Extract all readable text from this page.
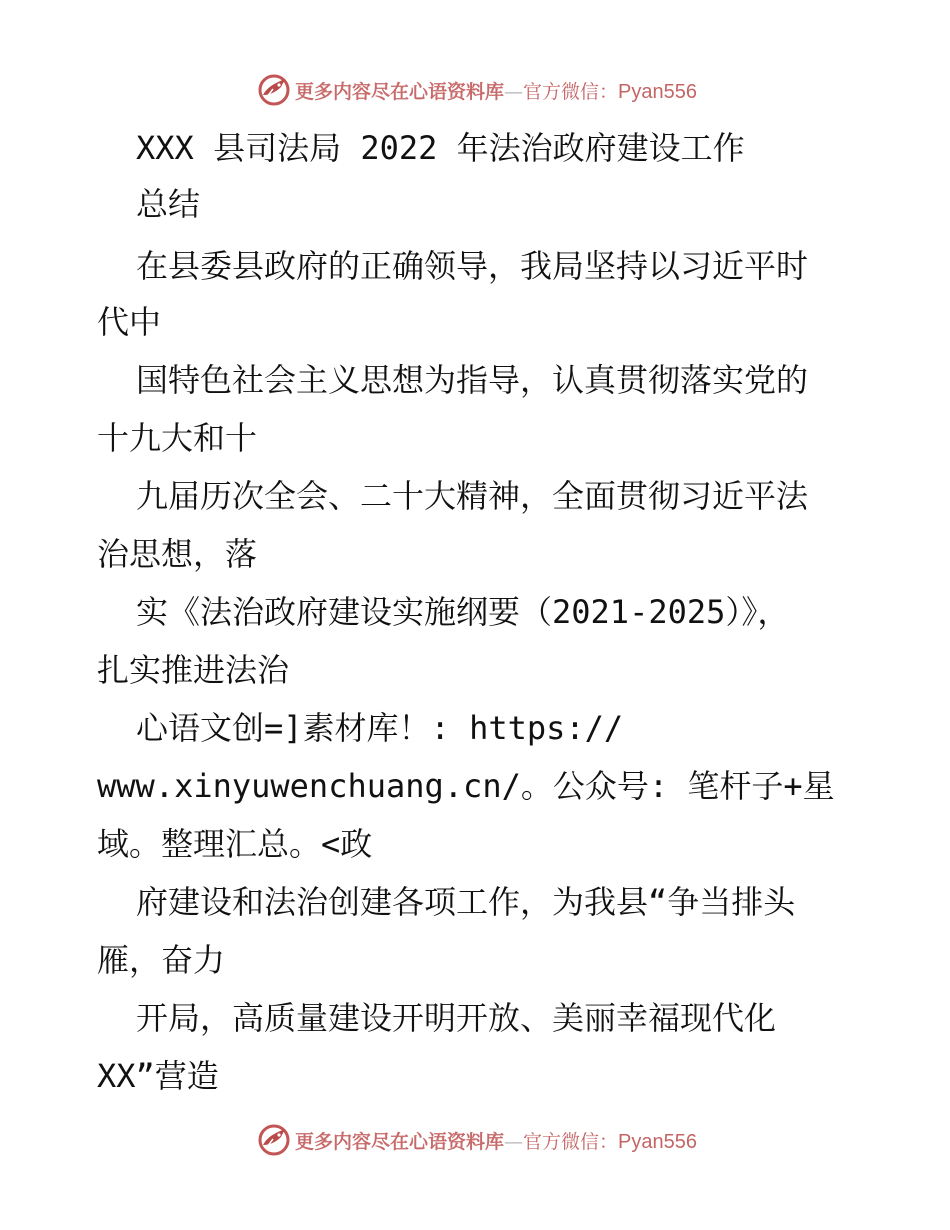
更多内容尽在心语资料库—官方微信：Pyan556
XXX 县司法局 2022 年法治政府建设工作
总结
在县委县政府的正确领导，我局坚持以习近平时
代中
国特色社会主义思想为指导，认真贯彻落实党的
十九大和十
九届历次全会、二十大精神，全面贯彻习近平法
治思想，落
实《法治政府建设实施纲要（2021-2025）》，
扎实推进法治
心语文创=]素材库！: https://
www.xinyuwenchuang.cn/。公众号: 笔杆子+星
域。整理汇总。<政
府建设和法治创建各项工作，为我县“争当排头
雁，奋力
开局，高质量建设开明开放、美丽幸福现代化
XX”营造
更多内容尽在心语资料库—官方微信：Pyan556
